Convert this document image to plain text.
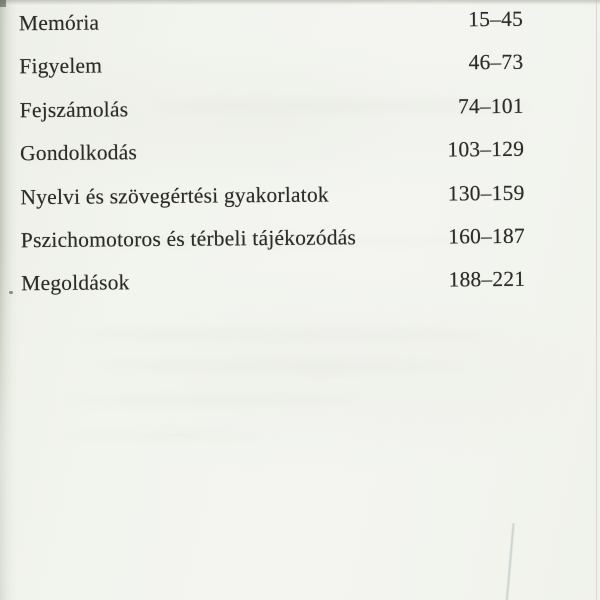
Memória	15–45
Figyelem	46–73
Fejszámolás	74–101
Gondolkodás	103–129
Nyelvi és szövegértési gyakorlatok	130–159
Pszichomotoros és térbeli tájékozódás	160–187
Megoldások	188–221
